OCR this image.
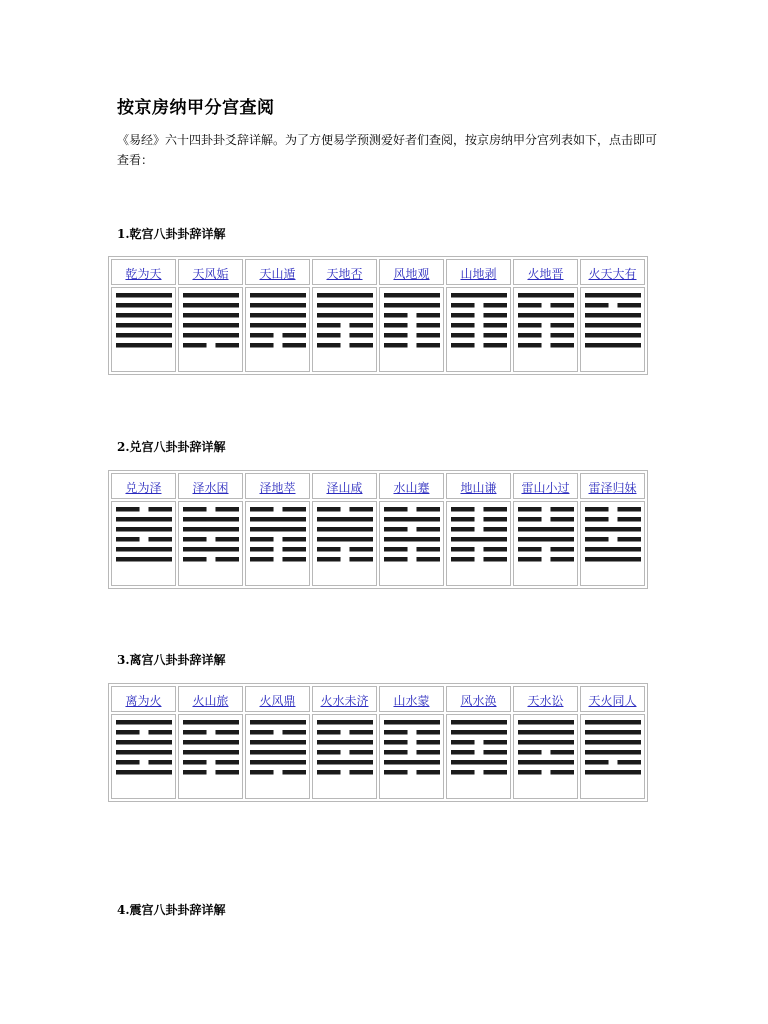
按京房纳甲分宫查阅
《易经》六十四卦卦爻辞详解。为了方便易学预测爱好者们查阅，按京房纳甲分宫列表如下，点击即可查看：
1.乾宫八卦卦辞详解
乾为天	天风姤	天山遁	天地否	风地观	山地剥	火地晋	火天大有

2.兑宫八卦卦辞详解
兑为泽	泽水困	泽地萃	泽山咸	水山蹇	地山谦	雷山小过	雷泽归妹

3.离宫八卦卦辞详解
离为火	火山旅	火风鼎	火水未济	山水蒙	风水涣	天水讼	天火同人

4.震宫八卦卦辞详解
